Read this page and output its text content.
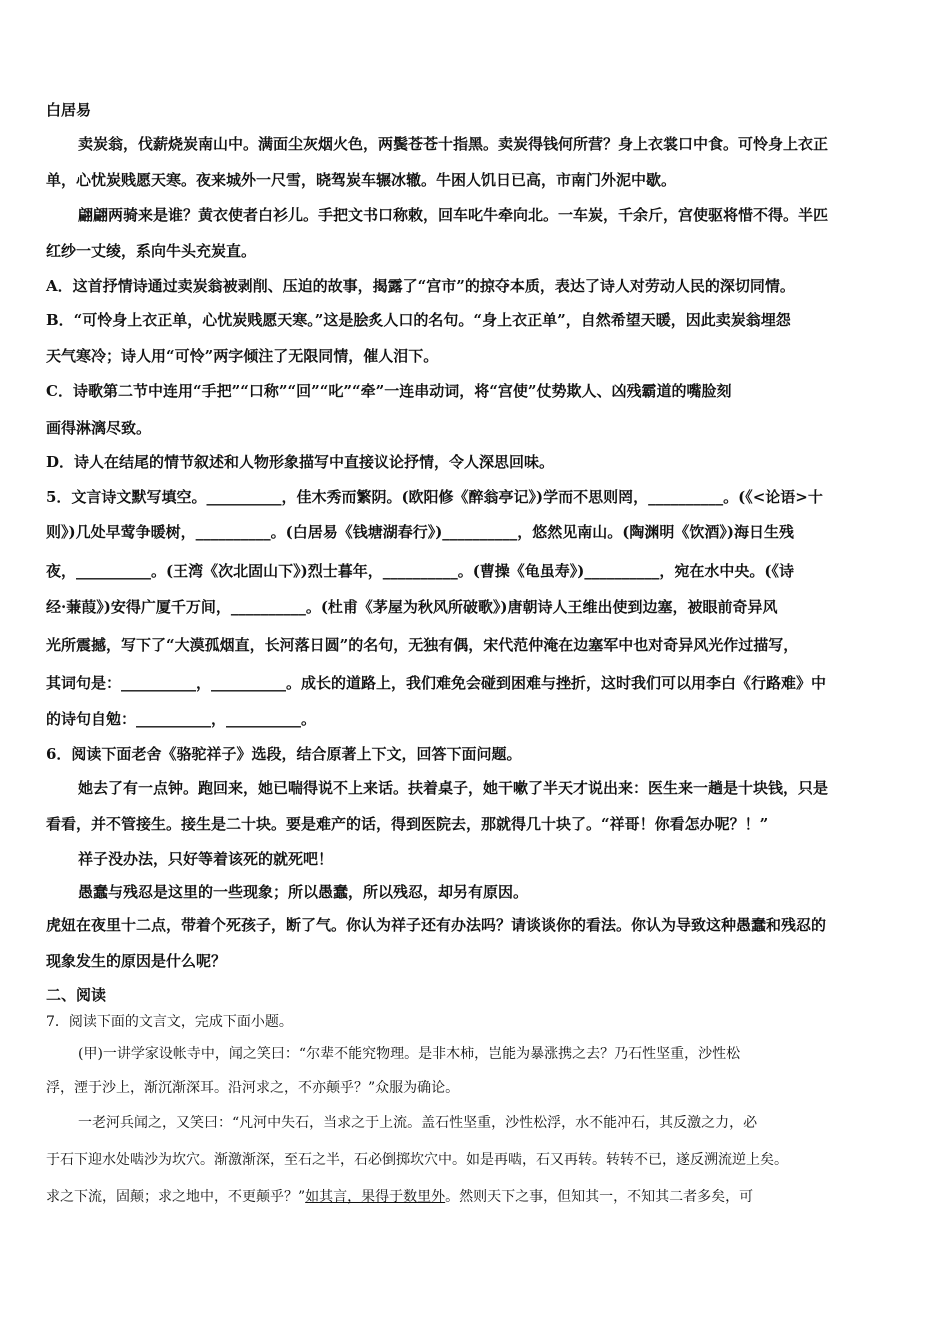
白居易
卖炭翁，伐薪烧炭南山中。满面尘灰烟火色，两鬓苍苍十指黑。卖炭得钱何所营？身上衣裳口中食。可怜身上衣正
单，心忧炭贱愿天寒。夜来城外一尺雪，晓驾炭车辗冰辙。牛困人饥日已高，市南门外泥中歇。
翩翩两骑来是谁？黄衣使者白衫儿。手把文书口称敕，回车叱牛牵向北。一车炭，千余斤，宫使驱将惜不得。半匹
红纱一丈绫，系向牛头充炭直。
A．这首抒情诗通过卖炭翁被剥削、压迫的故事，揭露了“宫市”的掠夺本质，表达了诗人对劳动人民的深切同情。
B．“可怜身上衣正单，心忧炭贱愿天寒。”这是脍炙人口的名句。“身上衣正单”，自然希望天暖，因此卖炭翁埋怨
天气寒冷；诗人用“可怜”两字倾注了无限同情，催人泪下。
C．诗歌第二节中连用“手把”“口称”“回”“叱”“牵”一连串动词，将“宫使”仗势欺人、凶残霸道的嘴脸刻
画得淋漓尽致。
D．诗人在结尾的情节叙述和人物形象描写中直接议论抒情，令人深思回味。
5．文言诗文默写填空。__________，佳木秀而繁阴。(欧阳修《醉翁亭记》)学而不思则罔，__________。(《<论语>十
则》)几处早莺争暖树，__________。(白居易《钱塘湖春行》)__________，悠然见南山。(陶渊明《饮酒》)海日生残
夜，__________。(王湾《次北固山下》)烈士暮年，__________。(曹操《龟虽寿》)__________，宛在水中央。(《诗
经·蒹葭》)安得广厦千万间，__________。(杜甫《茅屋为秋风所破歌》)唐朝诗人王维出使到边塞，被眼前奇异风
光所震撼，写下了“大漠孤烟直，长河落日圆”的名句，无独有偶，宋代范仲淹在边塞军中也对奇异风光作过描写，
其词句是：__________，__________。成长的道路上，我们难免会碰到困难与挫折，这时我们可以用李白《行路难》中
的诗句自勉：__________，__________。
6．阅读下面老舍《骆驼祥子》选段，结合原著上下文，回答下面问题。
她去了有一点钟。跑回来，她已喘得说不上来话。扶着桌子，她干嗽了半天才说出来：医生来一趟是十块钱，只是
看看，并不管接生。接生是二十块。要是难产的话，得到医院去，那就得几十块了。“祥哥！你看怎办呢？！”
祥子没办法，只好等着该死的就死吧！
愚蠢与残忍是这里的一些现象；所以愚蠢，所以残忍，却另有原因。
虎妞在夜里十二点，带着个死孩子，断了气。你认为祥子还有办法吗？请谈谈你的看法。你认为导致这种愚蠢和残忍的
现象发生的原因是什么呢？
二、阅读
7．阅读下面的文言文，完成下面小题。
(甲)一讲学家设帐寺中，闻之笑曰：“尔辈不能究物理。是非木柿，岂能为暴涨携之去？乃石性坚重，沙性松
浮，湮于沙上，渐沉渐深耳。沿河求之，不亦颠乎？”众服为确论。
一老河兵闻之，又笑曰：“凡河中失石，当求之于上流。盖石性坚重，沙性松浮，水不能冲石，其反激之力，必
于石下迎水处啮沙为坎穴。渐激渐深，至石之半，石必倒掷坎穴中。如是再啮，石又再转。转转不已，遂反溯流逆上矣。
求之下流，固颠；求之地中，不更颠乎？”如其言，果得于数里外。然则天下之事，但知其一，不知其二者多矣，可
